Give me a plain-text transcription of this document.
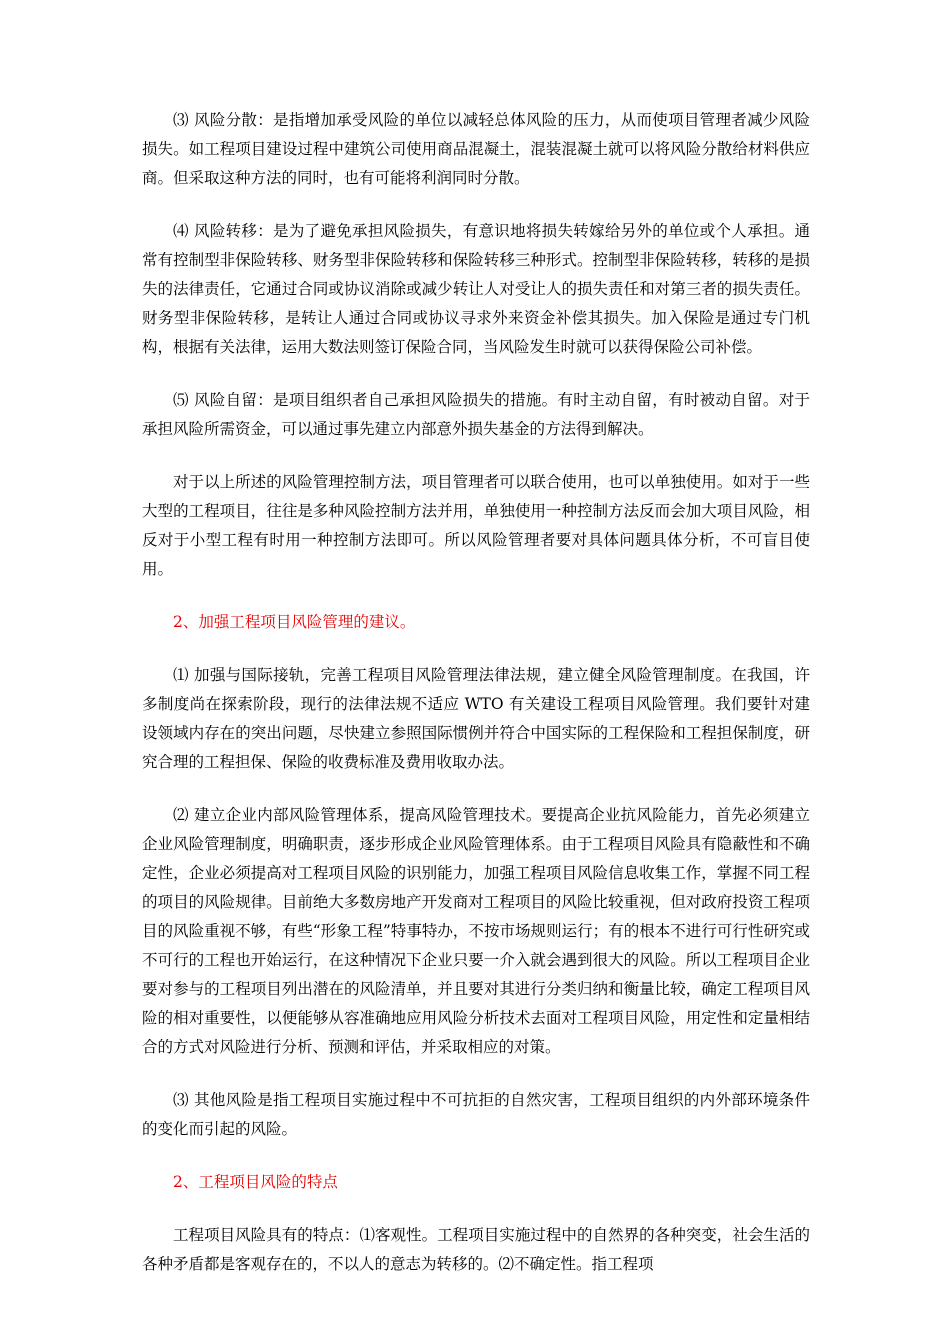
⑶ 风险分散：是指增加承受风险的单位以减轻总体风险的压力，从而使项目管理者减少风险损失。如工程项目建设过程中建筑公司使用商品混凝土，混装混凝土就可以将风险分散给材料供应商。但采取这种方法的同时，也有可能将利润同时分散。

⑷ 风险转移：是为了避免承担风险损失，有意识地将损失转嫁给另外的单位或个人承担。通常有控制型非保险转移、财务型非保险转移和保险转移三种形式。控制型非保险转移，转移的是损失的法律责任，它通过合同或协议消除或减少转让人对受让人的损失责任和对第三者的损失责任。财务型非保险转移，是转让人通过合同或协议寻求外来资金补偿其损失。加入保险是通过专门机构，根据有关法律，运用大数法则签订保险合同，当风险发生时就可以获得保险公司补偿。

⑸ 风险自留：是项目组织者自己承担风险损失的措施。有时主动自留，有时被动自留。对于承担风险所需资金，可以通过事先建立内部意外损失基金的方法得到解决。

对于以上所述的风险管理控制方法，项目管理者可以联合使用，也可以单独使用。如对于一些大型的工程项目，往往是多种风险控制方法并用，单独使用一种控制方法反而会加大项目风险，相反对于小型工程有时用一种控制方法即可。所以风险管理者要对具体问题具体分析，不可盲目使用。

2、加强工程项目风险管理的建议。

⑴ 加强与国际接轨，完善工程项目风险管理法律法规，建立健全风险管理制度。在我国，许多制度尚在探索阶段，现行的法律法规不适应 WTO 有关建设工程项目风险管理。我们要针对建设领域内存在的突出问题，尽快建立参照国际惯例并符合中国实际的工程保险和工程担保制度，研究合理的工程担保、保险的收费标准及费用收取办法。

⑵ 建立企业内部风险管理体系，提高风险管理技术。要提高企业抗风险能力，首先必须建立企业风险管理制度，明确职责，逐步形成企业风险管理体系。由于工程项目风险具有隐蔽性和不确定性，企业必须提高对工程项目风险的识别能力，加强工程项目风险信息收集工作，掌握不同工程的项目的风险规律。目前绝大多数房地产开发商对工程项目的风险比较重视，但对政府投资工程项目的风险重视不够，有些“形象工程”特事特办，不按市场规则运行；有的根本不进行可行性研究或不可行的工程也开始运行，在这种情况下企业只要一介入就会遇到很大的风险。所以工程项目企业要对参与的工程项目列出潜在的风险清单，并且要对其进行分类归纳和衡量比较，确定工程项目风险的相对重要性，以便能够从容准确地应用风险分析技术去面对工程项目风险，用定性和定量相结合的方式对风险进行分析、预测和评估，并采取相应的对策。

⑶ 其他风险是指工程项目实施过程中不可抗拒的自然灾害，工程项目组织的内外部环境条件的变化而引起的风险。

2、工程项目风险的特点

工程项目风险具有的特点：⑴客观性。工程项目实施过程中的自然界的各种突变，社会生活的各种矛盾都是客观存在的，不以人的意志为转移的。⑵不确定性。指工程项
